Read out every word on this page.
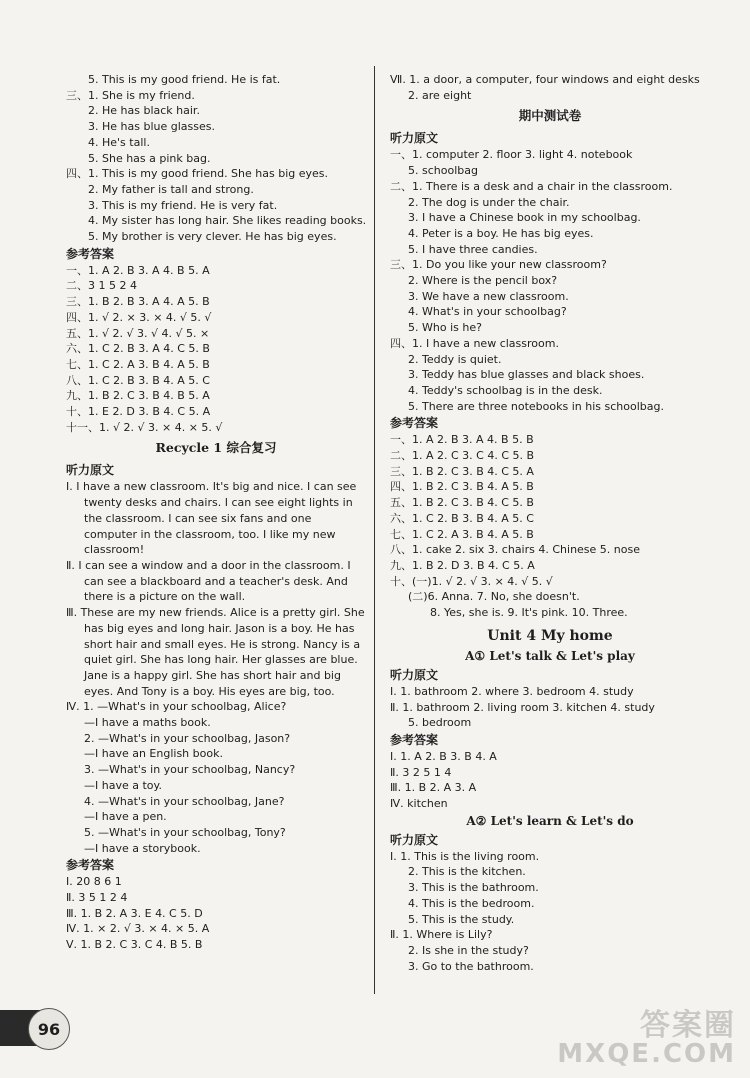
5. This is my good friend. He is fat.
三、1. She is my friend.
2. He has black hair.
3. He has blue glasses.
4. He's tall.
5. She has a pink bag.
四、1. This is my good friend. She has big eyes.
2. My father is tall and strong.
3. This is my friend. He is very fat.
4. My sister has long hair. She likes reading books.
5. My brother is very clever. He has big eyes.
参考答案
一、1. A 2. B 3. A 4. B 5. A
二、3 1 5 2 4
三、1. B 2. B 3. A 4. A 5. B
四、1. √ 2. × 3. × 4. √ 5. √
五、1. √ 2. √ 3. √ 4. √ 5. ×
六、1. C 2. B 3. A 4. C 5. B
七、1. C 2. A 3. B 4. A 5. B
八、1. C 2. B 3. B 4. A 5. C
九、1. B 2. C 3. B 4. B 5. A
十、1. E 2. D 3. B 4. C 5. A
十一、1. √ 2. √ 3. × 4. × 5. √
Recycle 1 综合复习
听力原文
Ⅰ. I have a new classroom. It's big and nice. I can see twenty desks and chairs. I can see eight lights in the classroom. I can see six fans and one computer in the classroom, too. I like my new classroom!
Ⅱ. I can see a window and a door in the classroom. I can see a blackboard and a teacher's desk. And there is a picture on the wall.
Ⅲ. These are my new friends. Alice is a pretty girl. She has big eyes and long hair. Jason is a boy. He has short hair and small eyes. He is strong. Nancy is a quiet girl. She has long hair. Her glasses are blue. Jane is a happy girl. She has short hair and big eyes. And Tony is a boy. His eyes are big, too.
Ⅳ. 1. —What's in your schoolbag, Alice?
—I have a maths book.
2. —What's in your schoolbag, Jason?
—I have an English book.
3. —What's in your schoolbag, Nancy?
—I have a toy.
4. —What's in your schoolbag, Jane?
—I have a pen.
5. —What's in your schoolbag, Tony?
—I have a storybook.
参考答案
Ⅰ. 20 8 6 1
Ⅱ. 3 5 1 2 4
Ⅲ. 1. B 2. A 3. E 4. C 5. D
Ⅳ. 1. × 2. √ 3. × 4. × 5. A
Ⅴ. 1. B 2. C 3. C 4. B 5. B
Ⅶ. 1. a door, a computer, four windows and eight desks
2. are eight
期中测试卷
听力原文
一、1. computer 2. floor 3. light 4. notebook
5. schoolbag
二、1. There is a desk and a chair in the classroom.
2. The dog is under the chair.
3. I have a Chinese book in my schoolbag.
4. Peter is a boy. He has big eyes.
5. I have three candies.
三、1. Do you like your new classroom?
2. Where is the pencil box?
3. We have a new classroom.
4. What's in your schoolbag?
5. Who is he?
四、1. I have a new classroom.
2. Teddy is quiet.
3. Teddy has blue glasses and black shoes.
4. Teddy's schoolbag is in the desk.
5. There are three notebooks in his schoolbag.
参考答案
一、1. A 2. B 3. A 4. B 5. B
二、1. A 2. C 3. C 4. C 5. B
三、1. B 2. C 3. B 4. C 5. A
四、1. B 2. C 3. B 4. A 5. B
五、1. B 2. C 3. B 4. C 5. B
六、1. C 2. B 3. B 4. A 5. C
七、1. C 2. A 3. B 4. A 5. B
八、1. cake 2. six 3. chairs 4. Chinese 5. nose
九、1. B 2. D 3. B 4. C 5. A
十、(一)1. √ 2. √ 3. × 4. √ 5. √
(二)6. Anna. 7. No, she doesn't.
8. Yes, she is. 9. It's pink. 10. Three.
Unit 4 My home
A① Let's talk & Let's play
听力原文
Ⅰ. 1. bathroom 2. where 3. bedroom 4. study
Ⅱ. 1. bathroom 2. living room 3. kitchen 4. study
5. bedroom
参考答案
Ⅰ. 1. A 2. B 3. B 4. A
Ⅱ. 3 2 5 1 4
Ⅲ. 1. B 2. A 3. A
Ⅳ. kitchen
A② Let's learn & Let's do
听力原文
Ⅰ. 1. This is the living room.
2. This is the kitchen.
3. This is the bathroom.
4. This is the bedroom.
5. This is the study.
Ⅱ. 1. Where is Lily?
2. Is she in the study?
3. Go to the bathroom.
96	答案圈
MXQE.COM
